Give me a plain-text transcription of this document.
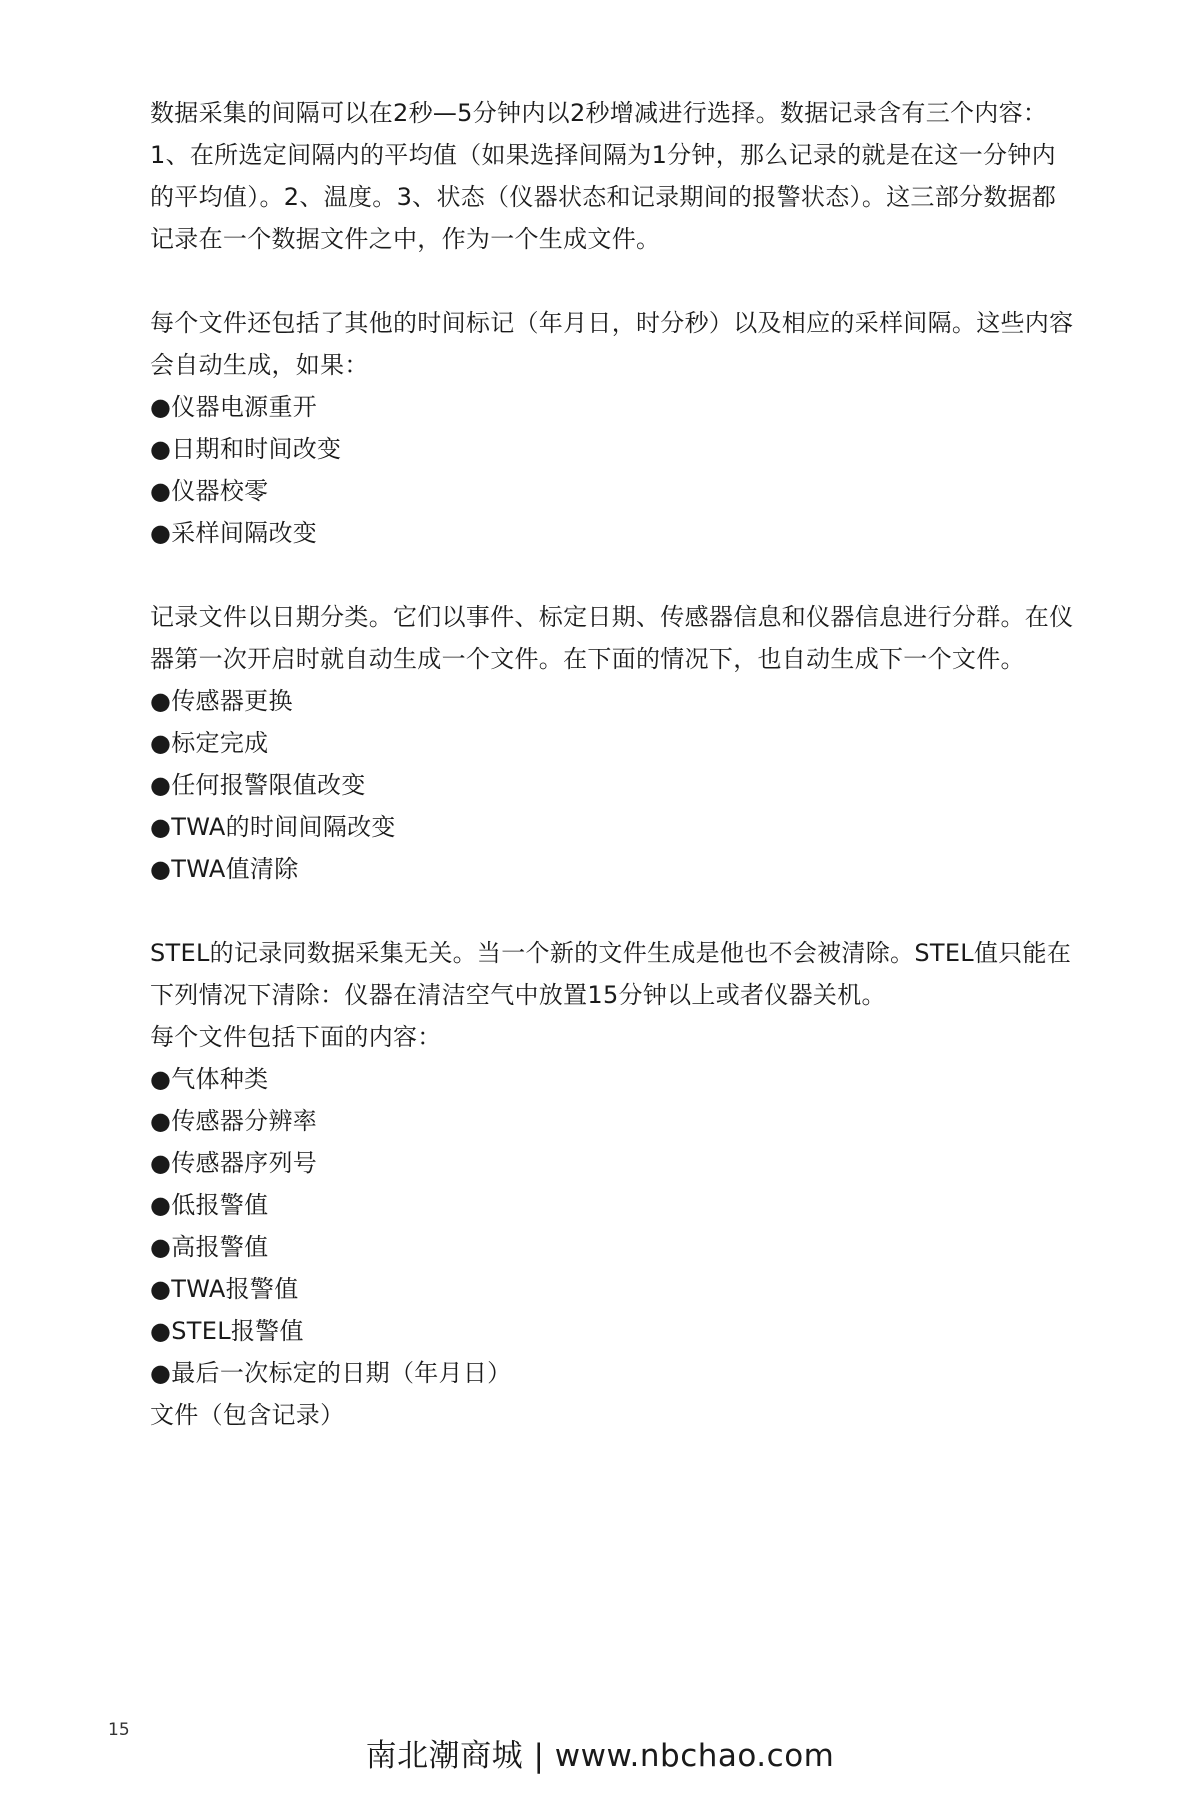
数据采集的间隔可以在2秒—5分钟内以2秒增减进行选择。数据记录含有三个内容：1、在所选定间隔内的平均值（如果选择间隔为1分钟，那么记录的就是在这一分钟内的平均值）。2、温度。3、状态（仪器状态和记录期间的报警状态）。这三部分数据都记录在一个数据文件之中，作为一个生成文件。

每个文件还包括了其他的时间标记（年月日，时分秒）以及相应的采样间隔。这些内容会自动生成，如果：

●仪器电源重开
●日期和时间改变
●仪器校零
●采样间隔改变

记录文件以日期分类。它们以事件、标定日期、传感器信息和仪器信息进行分群。在仪器第一次开启时就自动生成一个文件。在下面的情况下，也自动生成下一个文件。

●传感器更换
●标定完成
●任何报警限值改变
●TWA的时间间隔改变
●TWA值清除

STEL的记录同数据采集无关。当一个新的文件生成是他也不会被清除。STEL值只能在下列情况下清除：仪器在清洁空气中放置15分钟以上或者仪器关机。

每个文件包括下面的内容：

●气体种类
●传感器分辨率
●传感器序列号
●低报警值
●高报警值
●TWA报警值
●STEL报警值
●最后一次标定的日期（年月日）

文件（包含记录）

15
南北潮商城 | www.nbchao.com
